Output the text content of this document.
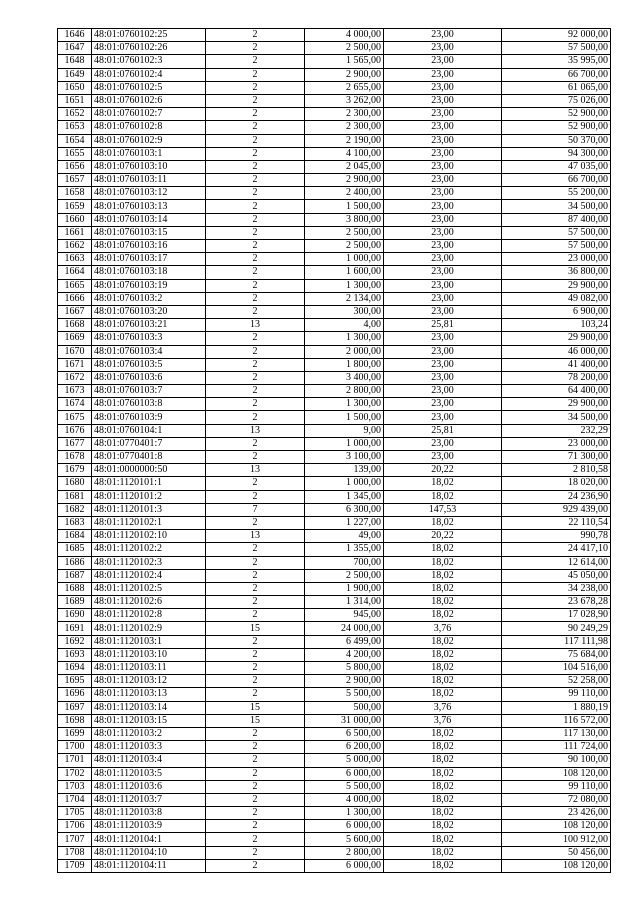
1646	48:01:0760102:25	2	4 000,00	23,00	92 000,00
1647	48:01:0760102:26	2	2 500,00	23,00	57 500,00
1648	48:01:0760102:3	2	1 565,00	23,00	35 995,00
1649	48:01:0760102:4	2	2 900,00	23,00	66 700,00
1650	48:01:0760102:5	2	2 655,00	23,00	61 065,00
1651	48:01:0760102:6	2	3 262,00	23,00	75 026,00
1652	48:01:0760102:7	2	2 300,00	23,00	52 900,00
1653	48:01:0760102:8	2	2 300,00	23,00	52 900,00
1654	48:01:0760102:9	2	2 190,00	23,00	50 370,00
1655	48:01:0760103:1	2	4 100,00	23,00	94 300,00
1656	48:01:0760103:10	2	2 045,00	23,00	47 035,00
1657	48:01:0760103:11	2	2 900,00	23,00	66 700,00
1658	48:01:0760103:12	2	2 400,00	23,00	55 200,00
1659	48:01:0760103:13	2	1 500,00	23,00	34 500,00
1660	48:01:0760103:14	2	3 800,00	23,00	87 400,00
1661	48:01:0760103:15	2	2 500,00	23,00	57 500,00
1662	48:01:0760103:16	2	2 500,00	23,00	57 500,00
1663	48:01:0760103:17	2	1 000,00	23,00	23 000,00
1664	48:01:0760103:18	2	1 600,00	23,00	36 800,00
1665	48:01:0760103:19	2	1 300,00	23,00	29 900,00
1666	48:01:0760103:2	2	2 134,00	23,00	49 082,00
1667	48:01:0760103:20	2	300,00	23,00	6 900,00
1668	48:01:0760103:21	13	4,00	25,81	103,24
1669	48:01:0760103:3	2	1 300,00	23,00	29 900,00
1670	48:01:0760103:4	2	2 000,00	23,00	46 000,00
1671	48:01:0760103:5	2	1 800,00	23,00	41 400,00
1672	48:01:0760103:6	2	3 400,00	23,00	78 200,00
1673	48:01:0760103:7	2	2 800,00	23,00	64 400,00
1674	48:01:0760103:8	2	1 300,00	23,00	29 900,00
1675	48:01:0760103:9	2	1 500,00	23,00	34 500,00
1676	48:01:0760104:1	13	9,00	25,81	232,29
1677	48:01:0770401:7	2	1 000,00	23,00	23 000,00
1678	48:01:0770401:8	2	3 100,00	23,00	71 300,00
1679	48:01:0000000:50	13	139,00	20,22	2 810,58
1680	48:01:1120101:1	2	1 000,00	18,02	18 020,00
1681	48:01:1120101:2	2	1 345,00	18,02	24 236,90
1682	48:01:1120101:3	7	6 300,00	147,53	929 439,00
1683	48:01:1120102:1	2	1 227,00	18,02	22 110,54
1684	48:01:1120102:10	13	49,00	20,22	990,78
1685	48:01:1120102:2	2	1 355,00	18,02	24 417,10
1686	48:01:1120102:3	2	700,00	18,02	12 614,00
1687	48:01:1120102:4	2	2 500,00	18,02	45 050,00
1688	48:01:1120102:5	2	1 900,00	18,02	34 238,00
1689	48:01:1120102:6	2	1 314,00	18,02	23 678,28
1690	48:01:1120102:8	2	945,00	18,02	17 028,90
1691	48:01:1120102:9	15	24 000,00	3,76	90 249,29
1692	48:01:1120103:1	2	6 499,00	18,02	117 111,98
1693	48:01:1120103:10	2	4 200,00	18,02	75 684,00
1694	48:01:1120103:11	2	5 800,00	18,02	104 516,00
1695	48:01:1120103:12	2	2 900,00	18,02	52 258,00
1696	48:01:1120103:13	2	5 500,00	18,02	99 110,00
1697	48:01:1120103:14	15	500,00	3,76	1 880,19
1698	48:01:1120103:15	15	31 000,00	3,76	116 572,00
1699	48:01:1120103:2	2	6 500,00	18,02	117 130,00
1700	48:01:1120103:3	2	6 200,00	18,02	111 724,00
1701	48:01:1120103:4	2	5 000,00	18,02	90 100,00
1702	48:01:1120103:5	2	6 000,00	18,02	108 120,00
1703	48:01:1120103:6	2	5 500,00	18,02	99 110,00
1704	48:01:1120103:7	2	4 000,00	18,02	72 080,00
1705	48:01:1120103:8	2	1 300,00	18,02	23 426,00
1706	48:01:1120103:9	2	6 000,00	18,02	108 120,00
1707	48:01:1120104:1	2	5 600,00	18,02	100 912,00
1708	48:01:1120104:10	2	2 800,00	18,02	50 456,00
1709	48:01:1120104:11	2	6 000,00	18,02	108 120,00
